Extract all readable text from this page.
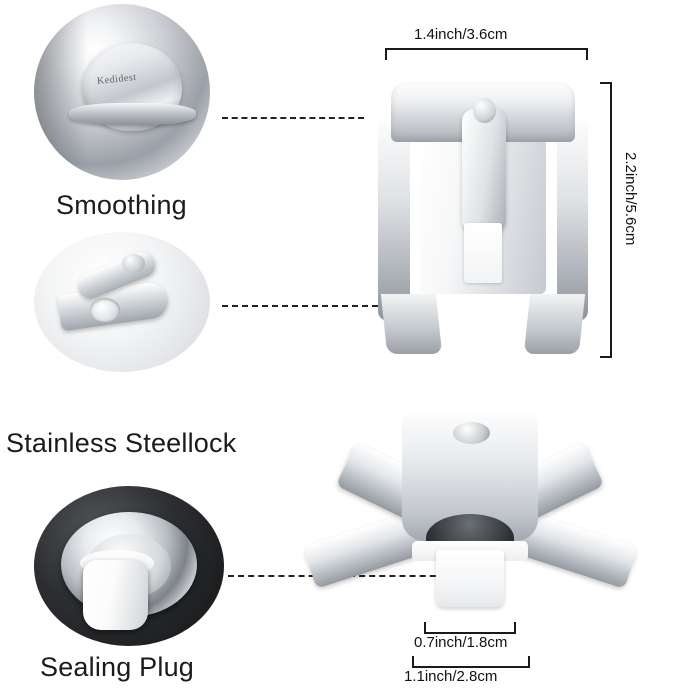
Kedidest
Smoothing
Stainless Steellock
Sealing Plug
1.4inch/3.6cm
2.2inch/5.6cm
0.7inch/1.8cm
1.1inch/2.8cm
